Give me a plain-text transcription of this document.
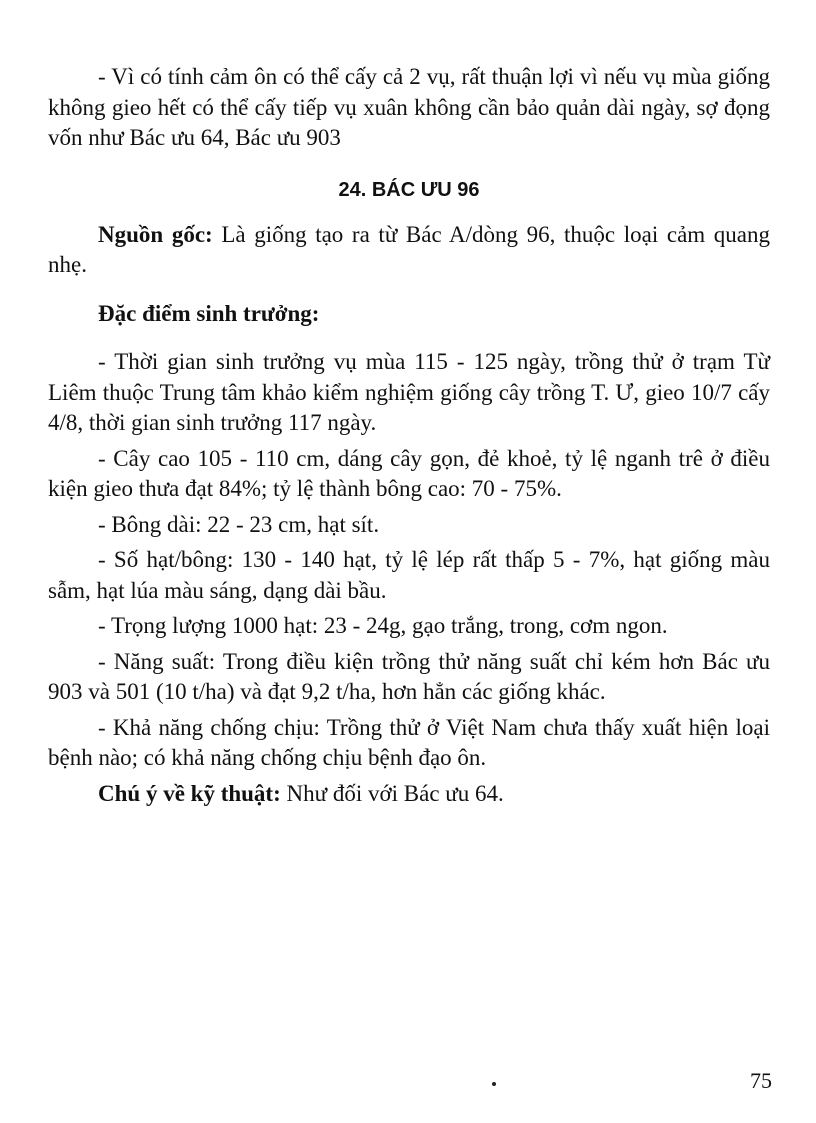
- Vì có tính cảm ôn có thể cấy cả 2 vụ, rất thuận lợi vì nếu vụ mùa giống không gieo hết có thể cấy tiếp vụ xuân không cần bảo quản dài ngày, sợ đọng vốn như Bác ưu 64, Bác ưu 903

24. BÁC ƯU 96

Nguồn gốc: Là giống tạo ra từ Bác A/dòng 96, thuộc loại cảm quang nhẹ.

Đặc điểm sinh trưởng:

- Thời gian sinh trưởng vụ mùa 115 - 125 ngày, trồng thử ở trạm Từ Liêm thuộc Trung tâm khảo kiểm nghiệm giống cây trồng T. Ư, gieo 10/7 cấy 4/8, thời gian sinh trưởng 117 ngày.

- Cây cao 105 - 110 cm, dáng cây gọn, đẻ khoẻ, tỷ lệ nganh trê ở điều kiện gieo thưa đạt 84%; tỷ lệ thành bông cao: 70 - 75%.

- Bông dài: 22 - 23 cm, hạt sít.

- Số hạt/bông: 130 - 140 hạt, tỷ lệ lép rất thấp 5 - 7%, hạt giống màu sẫm, hạt lúa màu sáng, dạng dài bầu.

- Trọng lượng 1000 hạt: 23 - 24g, gạo trắng, trong, cơm ngon.

- Năng suất: Trong điều kiện trồng thử năng suất chỉ kém hơn Bác ưu 903 và 501 (10 t/ha) và đạt 9,2 t/ha, hơn hẳn các giống khác.

- Khả năng chống chịu: Trồng thử ở Việt Nam chưa thấy xuất hiện loại bệnh nào; có khả năng chống chịu bệnh đạo ôn.

Chú ý về kỹ thuật: Như đối với Bác ưu 64.

75
